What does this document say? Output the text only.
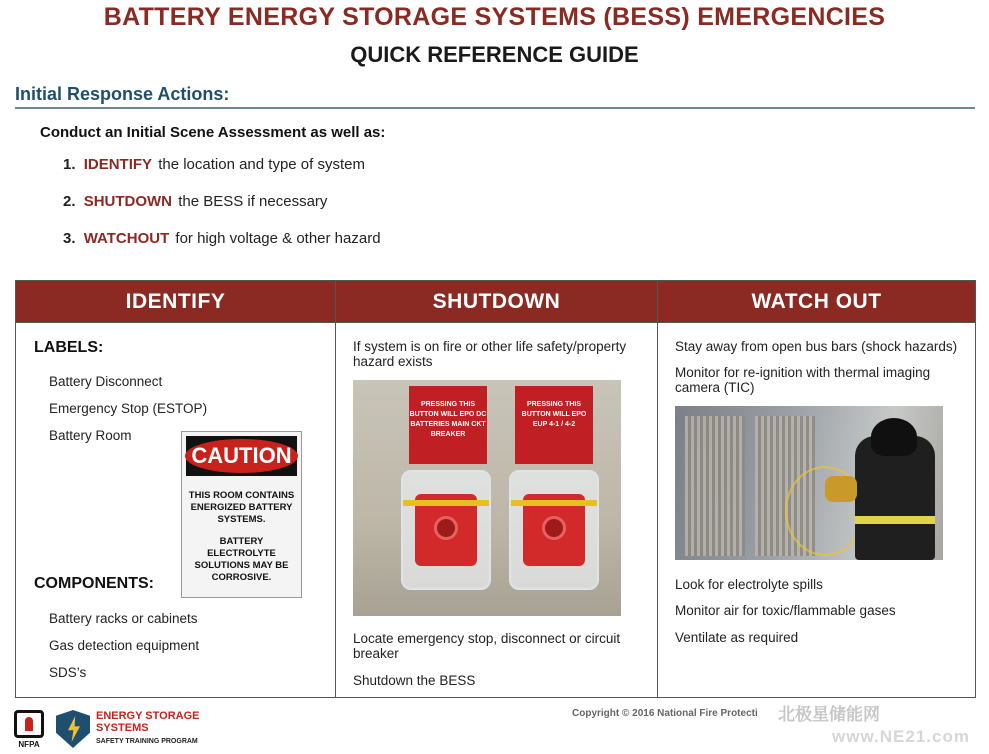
BATTERY ENERGY STORAGE SYSTEMS (BESS) EMERGENCIES
QUICK REFERENCE GUIDE
Initial Response Actions:
Conduct an Initial Scene Assessment as well as:
1. IDENTIFY the location and type of system
2. SHUTDOWN the BESS if necessary
3. WATCHOUT for high voltage & other hazard
IDENTIFY
LABELS:
Battery Disconnect
Emergency Stop (ESTOP)
Battery Room
CAUTION

THIS ROOM CONTAINS ENERGIZED BATTERY SYSTEMS.

BATTERY ELECTROLYTE SOLUTIONS MAY BE CORROSIVE.

COMPONENTS:
Battery racks or cabinets
Gas detection equipment
SDS’s
SHUTDOWN
If system is on fire or other life safety/property hazard exists
PRESSING THIS BUTTON WILL EPO DC BATTERIES MAIN CKT BREAKER
PRESSING THIS BUTTON WILL EPO EUP 4-1 / 4-2
Locate emergency stop, disconnect or circuit breaker
Shutdown the BESS
WATCH OUT
Stay away from open bus bars (shock hazards)
Monitor for re-ignition with thermal imaging camera (TIC)
Look for electrolyte spills
Monitor air for toxic/flammable gases
Ventilate as required
NFPA
ENERGY STORAGE
SYSTEMS
SAFETY TRAINING PROGRAM
Copyright © 2016 National Fire Protecti 北极星储能网
www.NE21.com
